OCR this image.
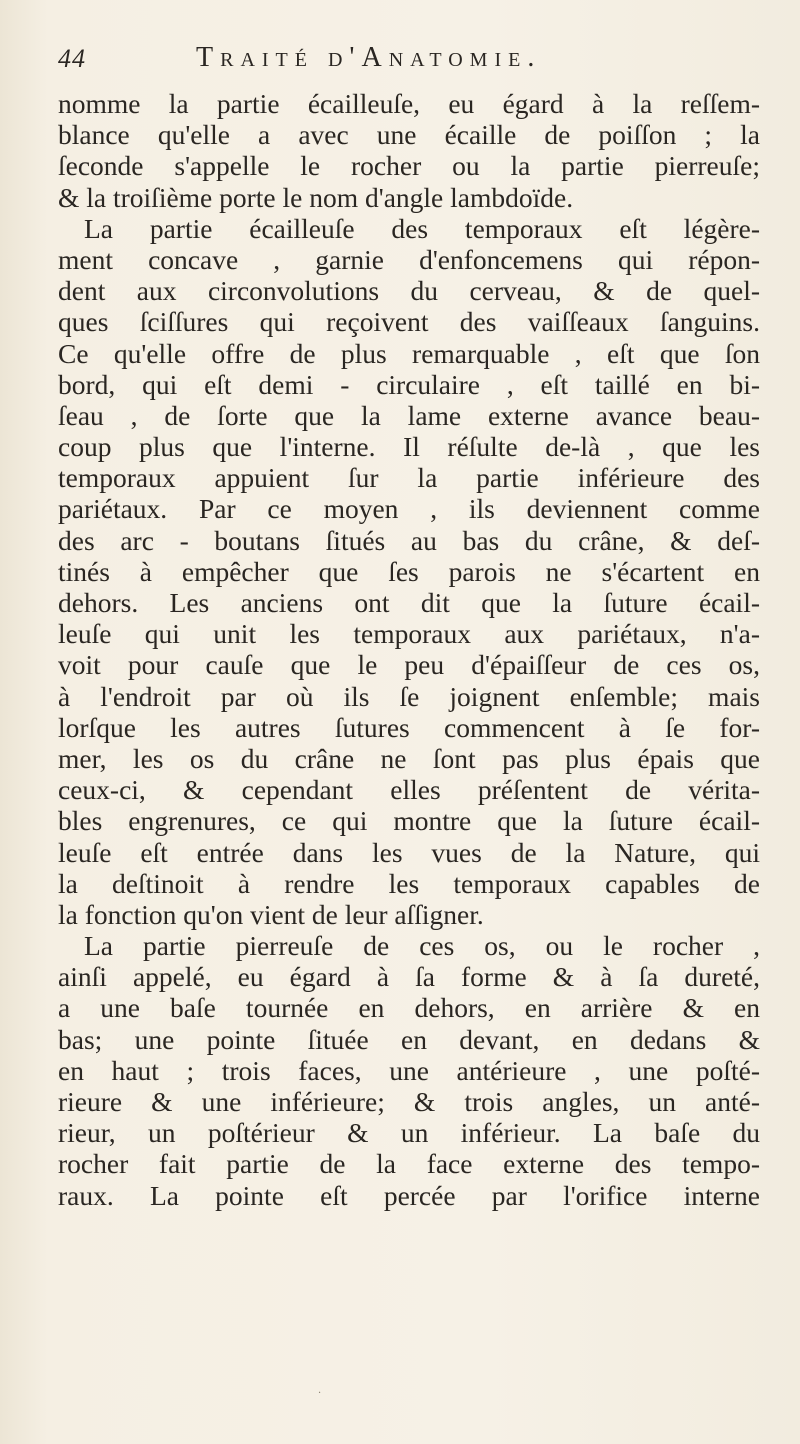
44	Traité d'Anatomie.
nomme la partie écailleuſe, eu égard à la reſſem-
blance qu'elle a avec une écaille de poiſſon ; la
ſeconde s'appelle le rocher ou la partie pierreuſe;
& la troiſième porte le nom d'angle lambdoïde.
La partie écailleuſe des temporaux eſt légère-
ment concave , garnie d'enfoncemens qui répon-
dent aux circonvolutions du cerveau, & de quel-
ques ſciſſures qui reçoivent des vaiſſeaux ſanguins.
Ce qu'elle offre de plus remarquable , eſt que ſon
bord, qui eſt demi - circulaire , eſt taillé en bi-
ſeau , de ſorte que la lame externe avance beau-
coup plus que l'interne. Il réſulte de-là , que les
temporaux appuient ſur la partie inférieure des
pariétaux. Par ce moyen , ils deviennent comme
des arc - boutans ſitués au bas du crâne, & deſ-
tinés à empêcher que ſes parois ne s'écartent en
dehors. Les anciens ont dit que la ſuture écail-
leuſe qui unit les temporaux aux pariétaux, n'a-
voit pour cauſe que le peu d'épaiſſeur de ces os,
à l'endroit par où ils ſe joignent enſemble; mais
lorſque les autres ſutures commencent à ſe for-
mer, les os du crâne ne ſont pas plus épais que
ceux-ci, & cependant elles préſentent de vérita-
bles engrenures, ce qui montre que la ſuture écail-
leuſe eſt entrée dans les vues de la Nature, qui
la deſtinoit à rendre les temporaux capables de
la fonction qu'on vient de leur aſſigner.
La partie pierreuſe de ces os, ou le rocher ,
ainſi appelé, eu égard à ſa forme & à ſa dureté,
a une baſe tournée en dehors, en arrière & en
bas; une pointe ſituée en devant, en dedans &
en haut ; trois faces, une antérieure , une poſté-
rieure & une inférieure; & trois angles, un anté-
rieur, un poſtérieur & un inférieur. La baſe du
rocher fait partie de la face externe des tempo-
raux. La pointe eſt percée par l'orifice interne
·
